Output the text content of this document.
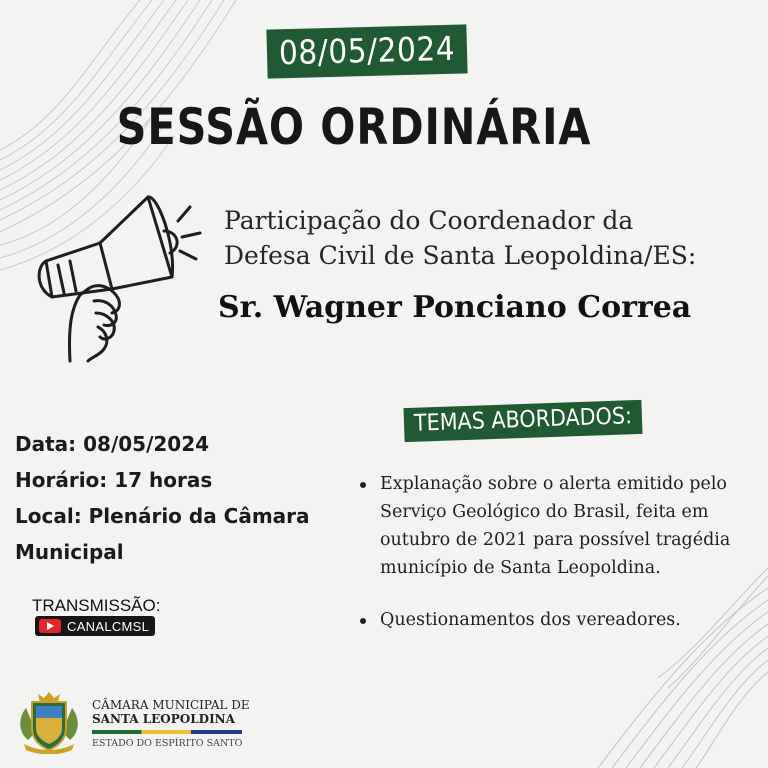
08/05/2024
SESSÃO ORDINÁRIA
Participação do Coordenador da
Defesa Civil de Santa Leopoldina/ES:
Sr. Wagner Ponciano Correa
Data: 08/05/2024
Horário: 17 horas
Local: Plenário da Câmara
Municipal
TRANSMISSÃO:
CANALCMSL
TEMAS ABORDADOS:
Explanação sobre o alerta emitido pelo Serviço Geológico do Brasil, feita em outubro de 2021 para possível tragédia município de Santa Leopoldina.
Questionamentos dos vereadores.
CÂMARA MUNICIPAL DE
SANTA LEOPOLDINA
ESTADO DO ESPÍRITO SANTO
